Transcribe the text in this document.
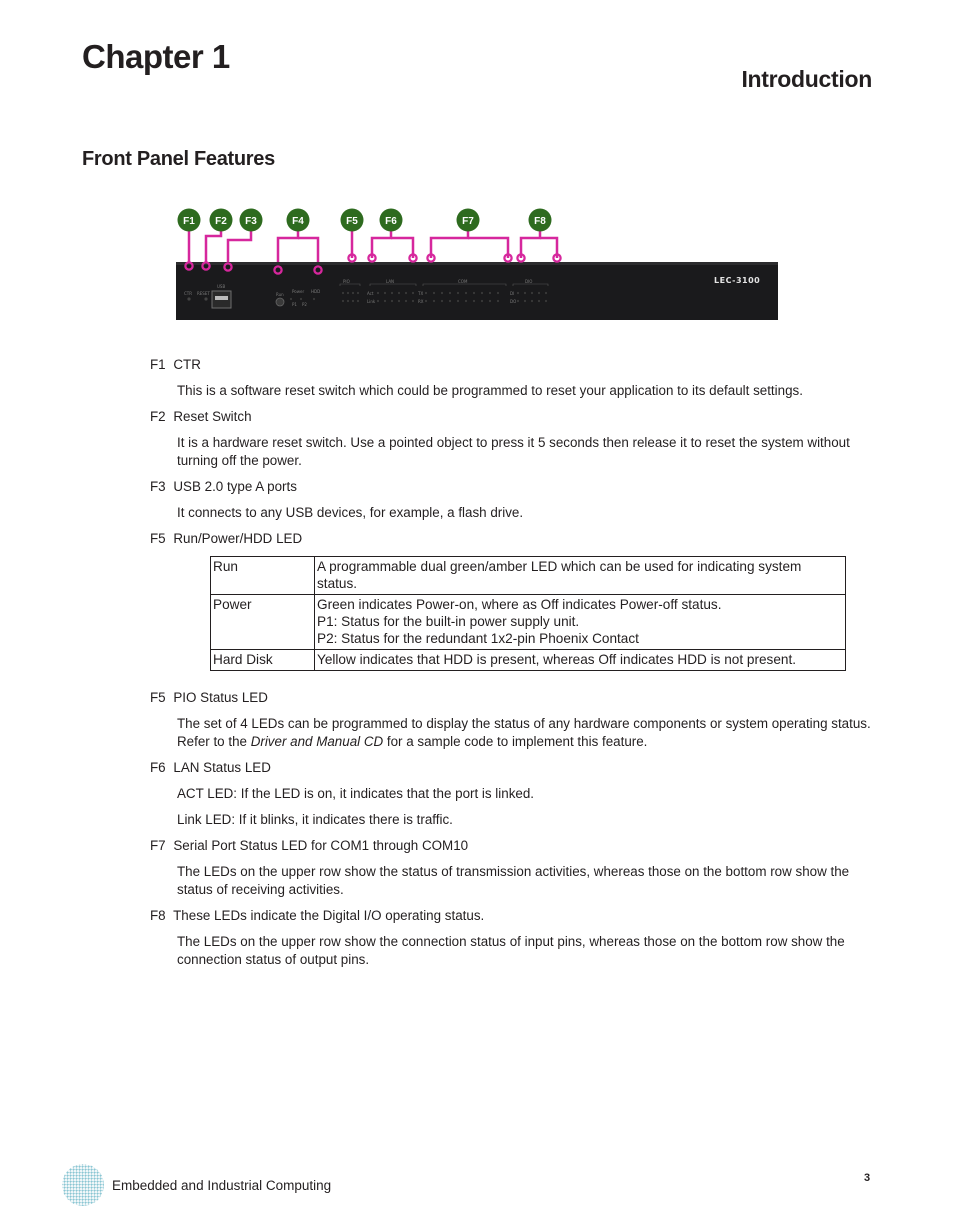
Chapter 1
Introduction
Front Panel Features
CTR RESET
USB
Run
Power HDD
P1 P2
PIO	LAN	COM	DIO
Act
Link
TX
RX
DI
DO
LEC-3100
F1 F2 F3	F4	F5	F6	F7	F8
F1 CTR
This is a software reset switch which could be programmed to reset your application to its default settings.
F2 Reset Switch
It is a hardware reset switch. Use a pointed object to press it 5 seconds then release it to reset the system without turning off the power.
F3 USB 2.0 type A ports
It connects to any USB devices, for example, a flash drive.
F5 Run/Power/HDD LED
Run	A programmable dual green/amber LED which can be used for indicating system status.

Power	Green indicates Power-on, where as Off indicates Power-off status.
P1: Status for the built-in power supply unit.
P2: Status for the redundant 1x2-pin Phoenix Contact

Hard Disk	Yellow indicates that HDD is present, whereas Off indicates HDD is not present.
F5 PIO Status LED
The set of 4 LEDs can be programmed to display the status of any hardware components or system operating status. Refer to the Driver and Manual CD for a sample code to implement this feature.
F6 LAN Status LED
ACT LED: If the LED is on, it indicates that the port is linked.
Link LED: If it blinks, it indicates there is traffic.
F7 Serial Port Status LED for COM1 through COM10
The LEDs on the upper row show the status of transmission activities, whereas those on the bottom row show the status of receiving activities.
F8 These LEDs indicate the Digital I/O operating status.
The LEDs on the upper row show the connection status of input pins, whereas those on the bottom row show the connection status of output pins.
Embedded and Industrial Computing	3
